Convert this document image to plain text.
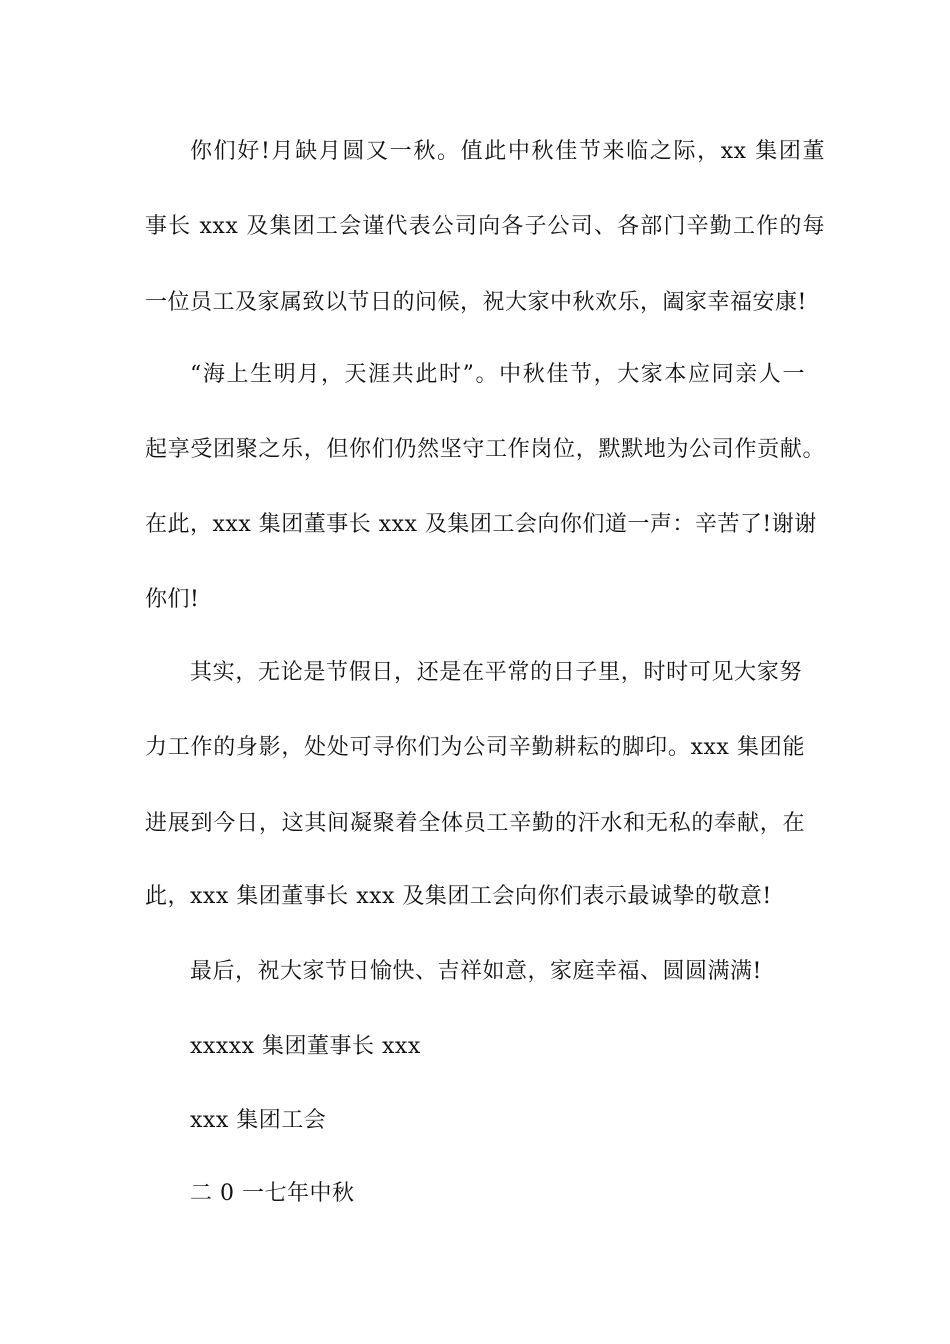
你们好!月缺月圆又一秋。值此中秋佳节来临之际，xx 集团董
事长 xxx 及集团工会谨代表公司向各子公司、各部门辛勤工作的每
一位员工及家属致以节日的问候，祝大家中秋欢乐，阖家幸福安康!
“海上生明月，天涯共此时”。中秋佳节，大家本应同亲人一
起享受团聚之乐，但你们仍然坚守工作岗位，默默地为公司作贡献。
在此，xxx 集团董事长 xxx 及集团工会向你们道一声：辛苦了!谢谢
你们!
其实，无论是节假日，还是在平常的日子里，时时可见大家努
力工作的身影，处处可寻你们为公司辛勤耕耘的脚印。xxx 集团能
进展到今日，这其间凝聚着全体员工辛勤的汗水和无私的奉献，在
此，xxx 集团董事长 xxx 及集团工会向你们表示最诚挚的敬意!
最后，祝大家节日愉快、吉祥如意，家庭幸福、圆圆满满!
xxxxx 集团董事长 xxx
xxx 集团工会
二 0 一七年中秋
